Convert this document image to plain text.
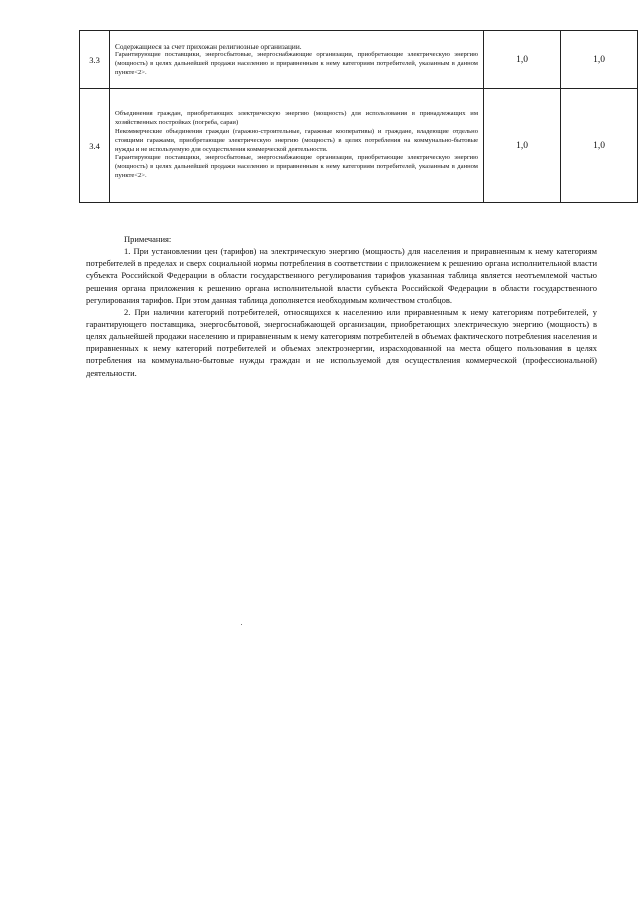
3.3	Содержащиеся за счет прихожан религиозные организации.

Гарантирующие поставщики, энергосбытовые, энергоснабжающие организации, приобретающие электрическую энергию (мощность) в целях дальнейшей продажи населению и приравненным к нему категориям потребителей, указанным в данном пункте<2>.	1,0	1,0
3.4	Объединения граждан, приобретающих электрическую энергию (мощность) для использования в принадлежащих им хозяйственных постройках (погреба, сараи)

Некоммерческие объединения граждан (гаражно-строительные, гаражные кооперативы) и граждане, владеющие отдельно стоящими гаражами, приобретающие электрическую энергию (мощность) в целях потребления на коммунально-бытовые нужды и не используемую для осуществления коммерческой деятельности.

Гарантирующие поставщики, энергосбытовые, энергоснабжающие организации, приобретающие электрическую энергию (мощность) в целях дальнейшей продажи населению и приравненным к нему категориям потребителей, указанным в данном пункте<2>.	1,0	1,0

Примечания:

1. При установлении цен (тарифов) на электрическую энергию (мощность) для населения и приравненным к нему категориям потребителей в пределах и сверх социальной нормы потребления в соответствии с приложением к решению органа исполнительной власти субъекта Российской Федерации в области государственного регулирования тарифов указанная таблица является неотъемлемой частью решения органа приложения к решению органа исполнительной власти субъекта Российской Федерации в области государственного регулирования тарифов. При этом данная таблица дополняется необходимым количеством столбцов.

2. При наличии категорий потребителей, относящихся к населению или приравненным к нему категориям потребителей, у гарантирующего поставщика, энергосбытовой, энергоснабжающей организации, приобретающих электрическую энергию (мощность) в целях дальнейшей продажи населению и приравненным к нему категориям потребителей в объемах фактического потребления населения и приравненных к нему категорий потребителей и объемах электроэнергии, израсходованной на места общего пользования в целях потребления на коммунально-бытовые нужды граждан и не используемой для осуществления коммерческой (профессиональной) деятельности.
